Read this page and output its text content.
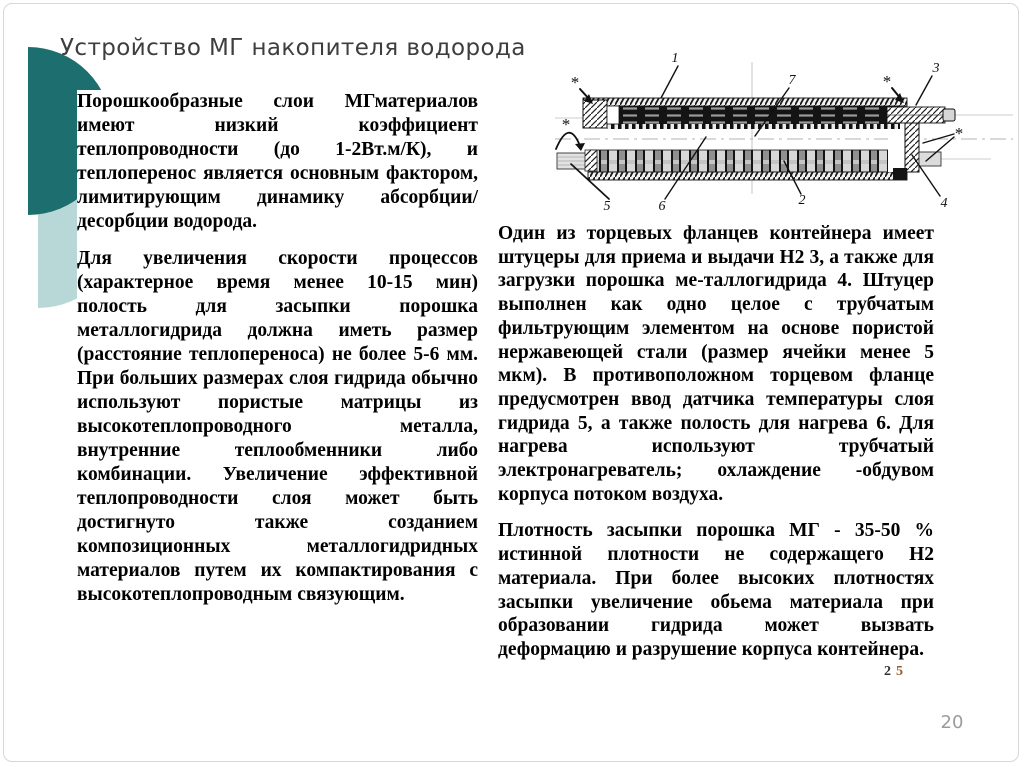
Устройство МГ накопителя водорода

Порошкообразные слои МГматериалов имеют низкий коэффициент теплопроводности (до 1-2Вт.м/К), и теплоперенос является основным фактором, лимитирующим динамику абсорбции/десорбции водорода.

Для увеличения скорости процессов (характерное время менее 10-15 мин) полость для засыпки порошка металлогидрида должна иметь размер (расстояние теплопереноса) не более 5-6 мм. При больших размерах слоя гидрида обычно используют пористые матрицы из высокотеплопроводного металла, внутренние теплообменники либо комбинации. Увеличение эффективной теплопроводности слоя может быть достигнуто также созданием композиционных металлогидридных материалов путем их компактирования с высокотеплопроводным связующим.

Один из торцевых фланцев контейнера имеет штуцеры для приема и выдачи H2 3, а также для загрузки порошка ме-таллогидрида 4. Штуцер выполнен как одно целое с трубчатым фильтрующим элементом на основе пористой нержавеющей стали (размер ячейки менее 5 мкм). В противоположном торцевом фланце предусмотрен ввод датчика температуры слоя гидрида 5, а также полость для нагрева 6. Для нагрева используют трубчатый электронагреватель; охлаждение -обдувом корпуса потоком воздуха.

Плотность засыпки порошка МГ - 35-50 % истинной плотности не содержащего H2 материала. При более высоких плотностях засыпки увеличение обьема материала при образовании гидрида может вызвать деформацию и разрушение корпуса контейнера.

1
7
3
5	6	2	4
*
*
*
*
2 5
20
